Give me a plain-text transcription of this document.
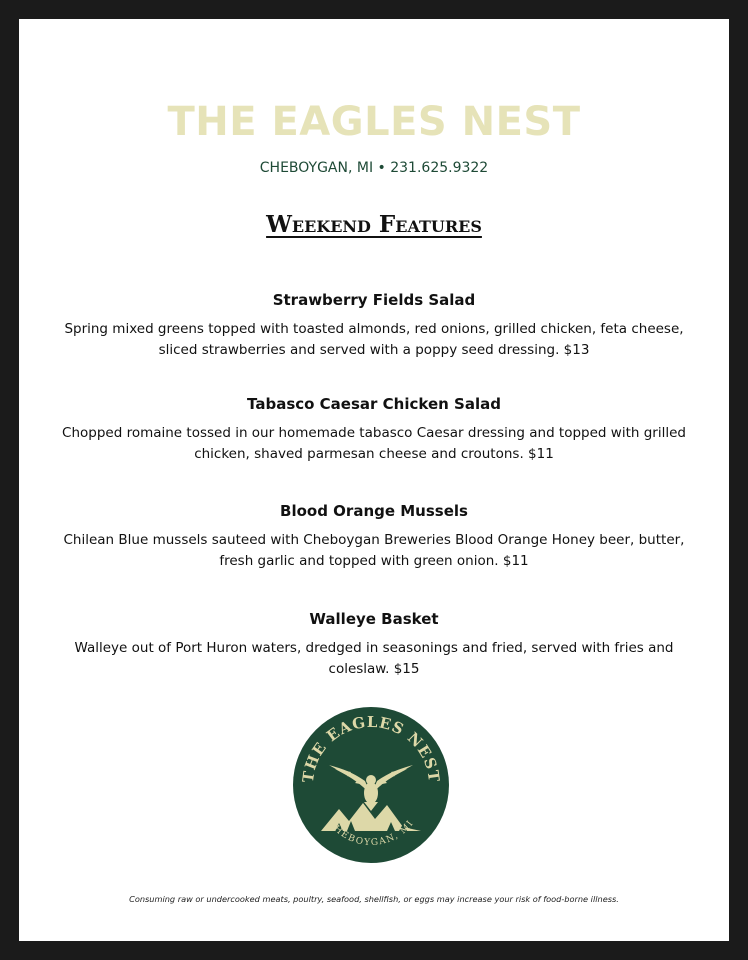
THE EAGLES NEST
CHEBOYGAN, MI • 231.625.9322
Weekend Features
Strawberry Fields Salad
Spring mixed greens topped with toasted almonds, red onions, grilled chicken, feta cheese, sliced strawberries and served with a poppy seed dressing. $13
Tabasco Caesar Chicken Salad
Chopped romaine tossed in our homemade tabasco Caesar dressing and topped with grilled chicken, shaved parmesan cheese and croutons. $11
Blood Orange Mussels
Chilean Blue mussels sauteed with Cheboygan Breweries Blood Orange Honey beer, butter, fresh garlic and topped with green onion. $11
Walleye Basket
Walleye out of Port Huron waters, dredged in seasonings and fried, served with fries and coleslaw. $15
THE EAGLES NEST
CHEBOYGAN, MI
Consuming raw or undercooked meats, poultry, seafood, shellfish, or eggs may increase your risk of food-borne illness.
